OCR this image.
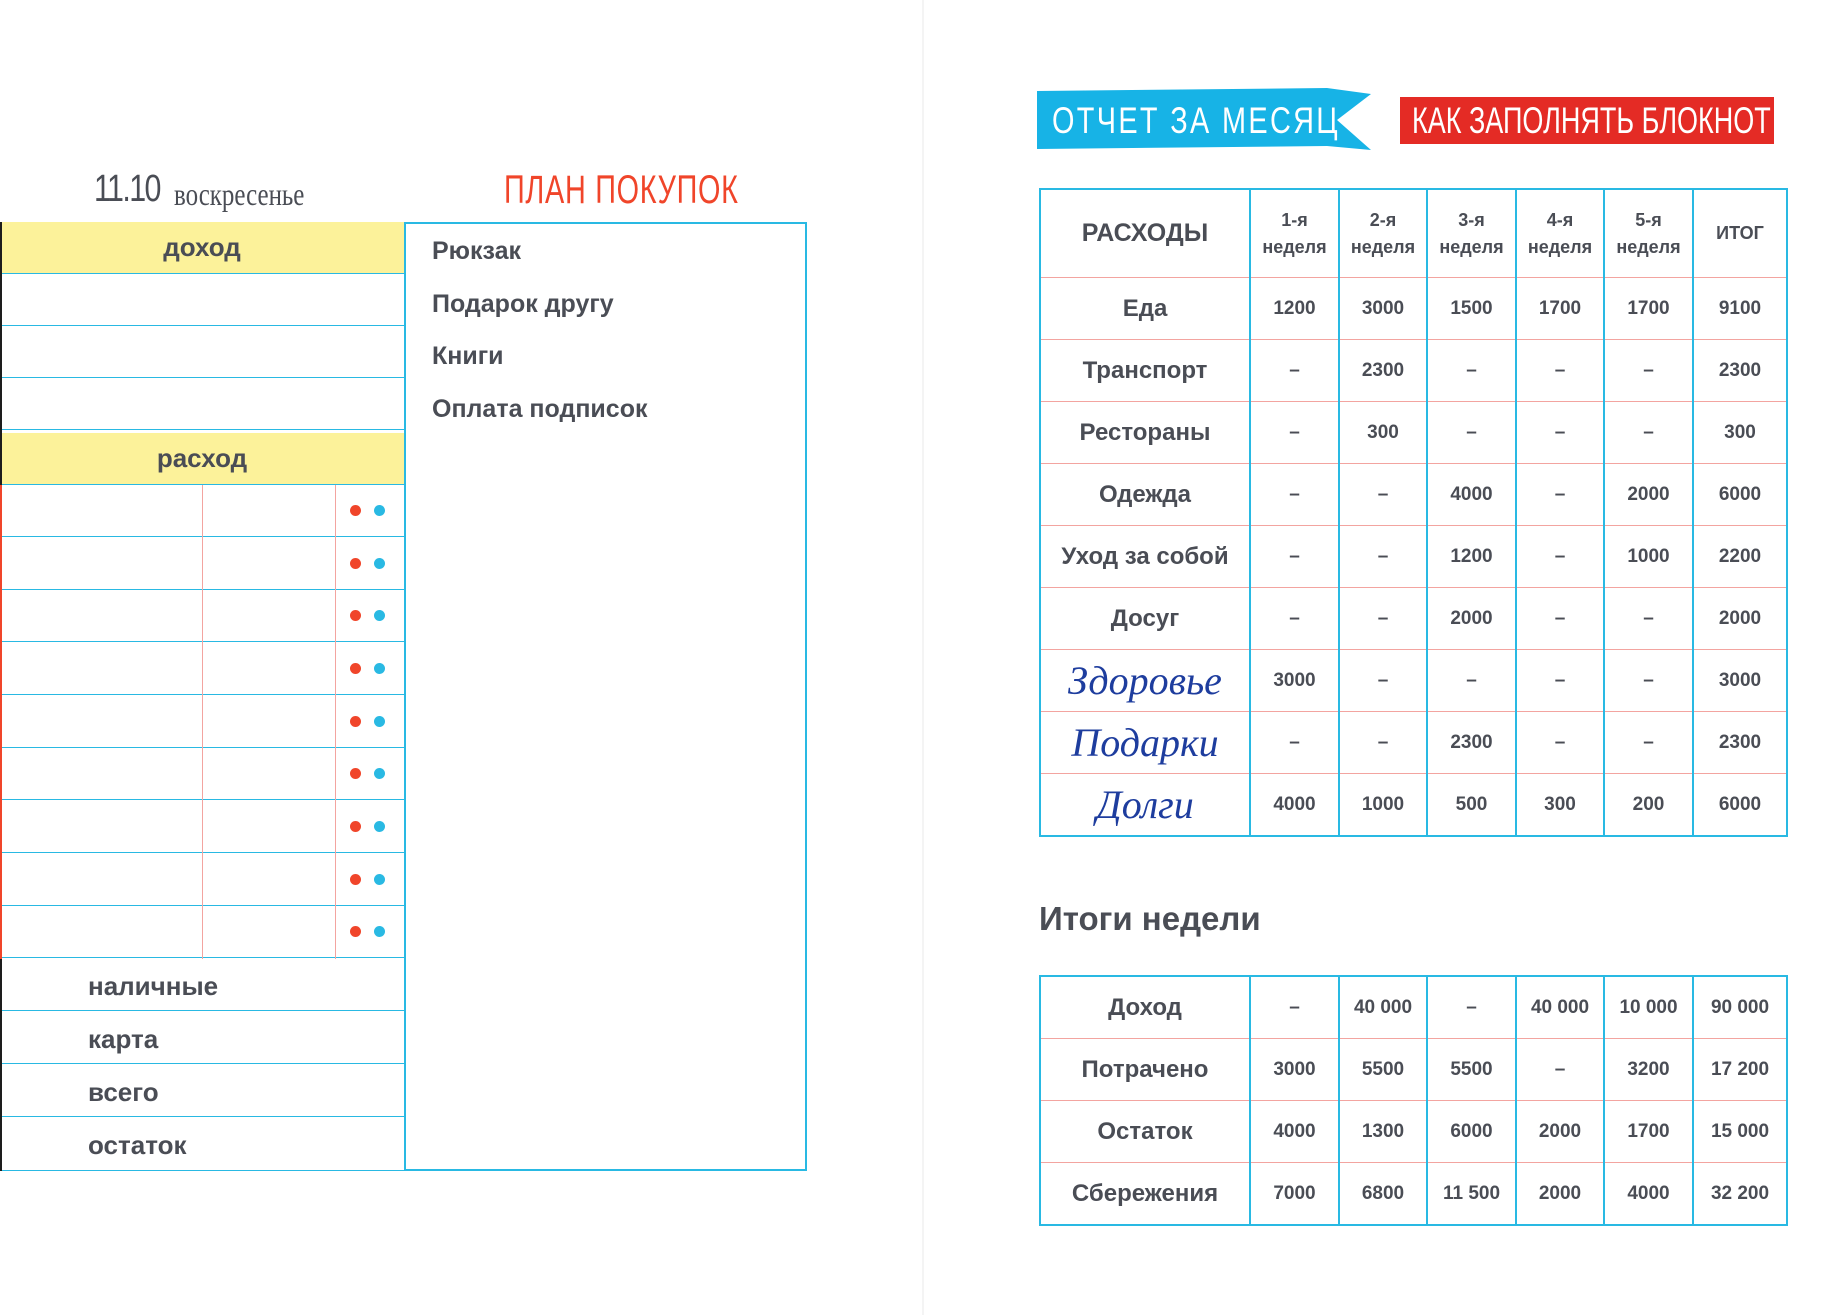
11.10 воскресенье	ПЛАН ПОКУПОК
доход
расход
наличные
карта
всего
остаток
Рюкзак
Подарок другу
Книги
Оплата подписок
ОТЧЕТ ЗА МЕСЯЦ КАК ЗАПОЛНЯТЬ БЛОКНОТ
РАСХОДЫ	1-я неделя	2-я неделя	3-я неделя	4-я неделя	5-я неделя	ИТОГ
Еда	1200	3000	1500	1700	1700	9100
Транспорт	–	2300	–	–	–	2300
Рестораны	–	300	–	–	–	300
Одежда	–	–	4000	–	2000	6000
Уход за собой	–	–	1200	–	1000	2200
Досуг	–	–	2000	–	–	2000
Здоровье	3000	–	–	–	–	3000
Подарки	–	–	2300	–	–	2300
Долги	4000	1000	500	300	200	6000
Итоги недели
Доход	–	40 000	–	40 000	10 000	90 000
Потрачено	3000	5500	5500	–	3200	17 200
Остаток	4000	1300	6000	2000	1700	15 000
Сбережения	7000	6800	11 500	2000	4000	32 200
